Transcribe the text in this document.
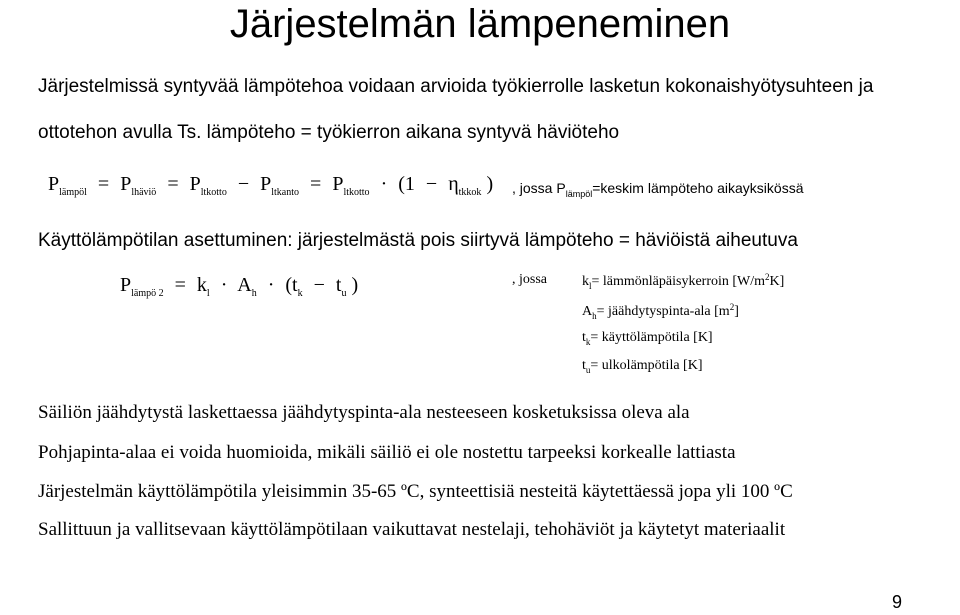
Järjestelmän lämpeneminen
Järjestelmissä syntyvää lämpötehoa voidaan arvioida työkierrolle lasketun kokonaishyötysuhteen ja
ottotehon avulla Ts. lämpöteho = työkierron aikana syntyvä häviöteho
$P_{lämpöl} = P_{lhäviö} = P_{ltkotto} - P_{ltkanto} = P_{ltkotto} \cdot (1 - \eta_{tkkok}$ ) , jossa $P_{lämpöl}=keskim$ lämpöteho aikayksikössä
Käyttölämpötilan asettuminen: järjestelmästä pois siirtyvä lämpöteho = häviöistä aiheutuva
$P_{lämpö 2} = k_l \cdot A_h \cdot (t_k - t_u$ )	, jossa	$k_l=$ lämmönläpäisykerroin $[W/m^2K]$
$A_h=$ jäähdytyspinta-ala $[m^2]$
$t_k=$ käyttölämpötila [K]
$t_u=$ ulkolämpötila [K]
Säiliön jäähdytystä laskettaessa jäähdytyspinta-ala nesteeseen kosketuksissa oleva ala
Pohjapinta-alaa ei voida huomioida, mikäli säiliö ei ole nostettu tarpeeksi korkealle lattiasta
Järjestelmän käyttölämpötila yleisimmin 35-65 ºC, synteettisiä nesteitä käytettäessä jopa yli 100 ºC
Sallittuun ja vallitsevaan käyttölämpötilaan vaikuttavat nestelaji, tehohäviöt ja käytetyt materiaalit
9
